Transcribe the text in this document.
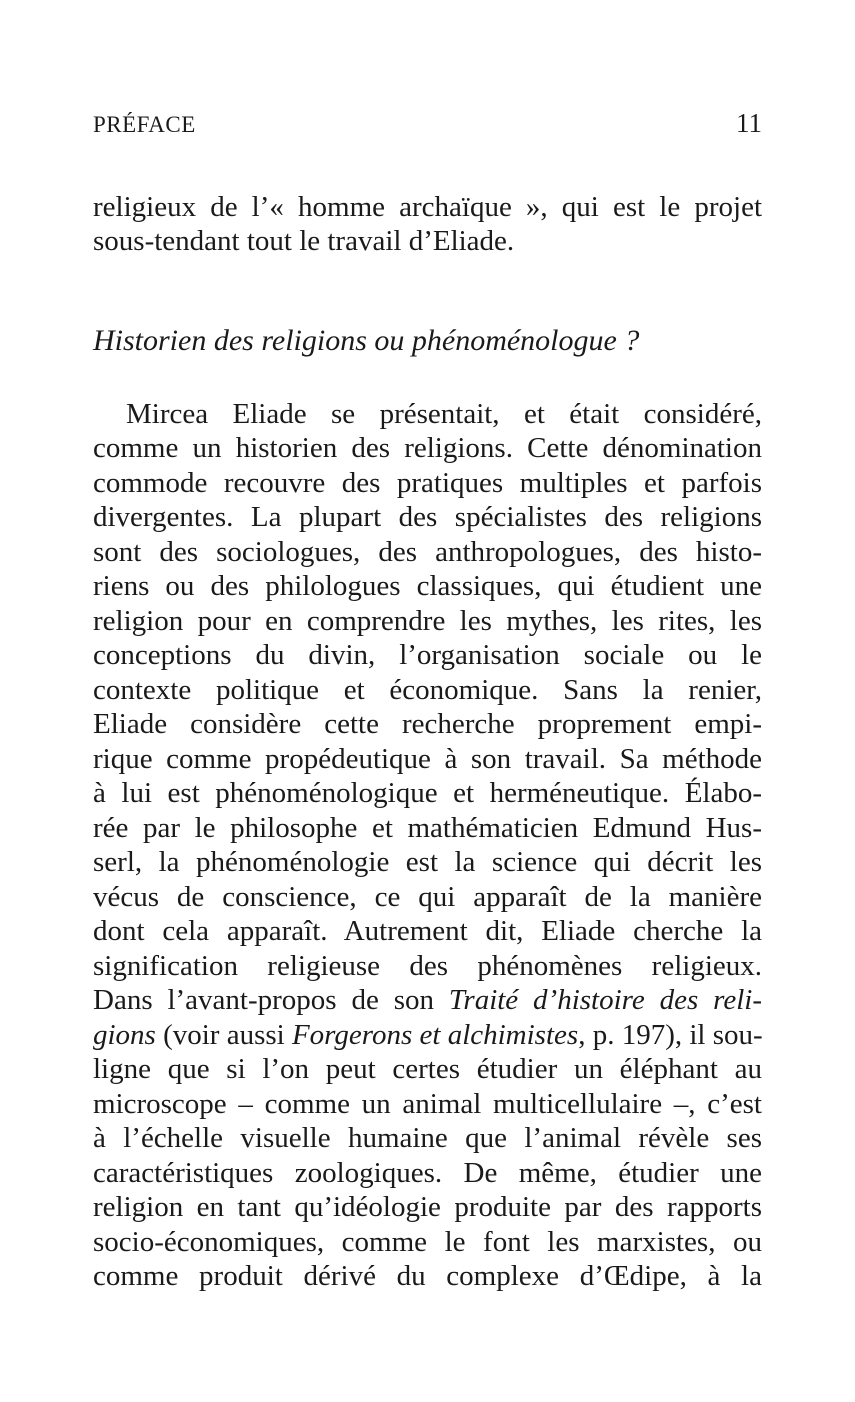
PRÉFACE	11
religieux de l’« homme archaïque », qui est le projet
sous-tendant tout le travail d’Eliade.
Historien des religions ou phénoménologue ?
Mircea Eliade se présentait, et était considéré,
comme un historien des religions. Cette dénomination
commode recouvre des pratiques multiples et parfois
divergentes. La plupart des spécialistes des religions
sont des sociologues, des anthropologues, des histo-
riens ou des philologues classiques, qui étudient une
religion pour en comprendre les mythes, les rites, les
conceptions du divin, l’organisation sociale ou le
contexte politique et économique. Sans la renier,
Eliade considère cette recherche proprement empi-
rique comme propédeutique à son travail. Sa méthode
à lui est phénoménologique et herméneutique. Élabo-
rée par le philosophe et mathématicien Edmund Hus-
serl, la phénoménologie est la science qui décrit les
vécus de conscience, ce qui apparaît de la manière
dont cela apparaît. Autrement dit, Eliade cherche la
signification religieuse des phénomènes religieux.
Dans l’avant-propos de son Traité d’histoire des reli-
gions (voir aussi Forgerons et alchimistes, p. 197), il sou-
ligne que si l’on peut certes étudier un éléphant au
microscope – comme un animal multicellulaire –, c’est
à l’échelle visuelle humaine que l’animal révèle ses
caractéristiques zoologiques. De même, étudier une
religion en tant qu’idéologie produite par des rapports
socio-économiques, comme le font les marxistes, ou
comme produit dérivé du complexe d’Œdipe, à la
